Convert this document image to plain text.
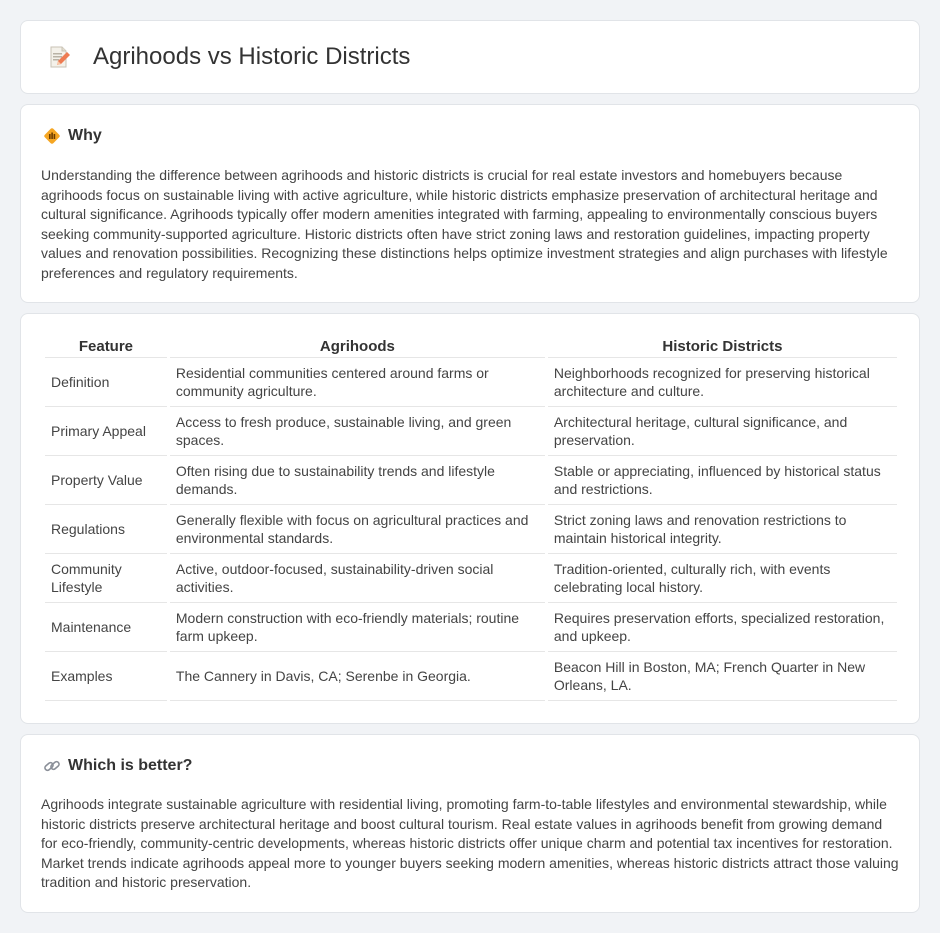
Agrihoods vs Historic Districts
Why

Understanding the difference between agrihoods and historic districts is crucial for real estate investors and homebuyers because agrihoods focus on sustainable living with active agriculture, while historic districts emphasize preservation of architectural heritage and cultural significance. Agrihoods typically offer modern amenities integrated with farming, appealing to environmentally conscious buyers seeking community-supported agriculture. Historic districts often have strict zoning laws and restoration guidelines, impacting property values and renovation possibilities. Recognizing these distinctions helps optimize investment strategies and align purchases with lifestyle preferences and regulatory requirements.

Feature	Agrihoods	Historic Districts
Definition	Residential communities centered around farms or community agriculture.	Neighborhoods recognized for preserving historical architecture and culture.
Primary Appeal	Access to fresh produce, sustainable living, and green spaces.	Architectural heritage, cultural significance, and preservation.
Property Value	Often rising due to sustainability trends and lifestyle demands.	Stable or appreciating, influenced by historical status and restrictions.
Regulations	Generally flexible with focus on agricultural practices and environmental standards.	Strict zoning laws and renovation restrictions to maintain historical integrity.
Community Lifestyle	Active, outdoor-focused, sustainability-driven social activities.	Tradition-oriented, culturally rich, with events celebrating local history.
Maintenance	Modern construction with eco-friendly materials; routine farm upkeep.	Requires preservation efforts, specialized restoration, and upkeep.
Examples	The Cannery in Davis, CA; Serenbe in Georgia.	Beacon Hill in Boston, MA; French Quarter in New Orleans, LA.
Which is better?

Agrihoods integrate sustainable agriculture with residential living, promoting farm-to-table lifestyles and environmental stewardship, while historic districts preserve architectural heritage and boost cultural tourism. Real estate values in agrihoods benefit from growing demand for eco-friendly, community-centric developments, whereas historic districts offer unique charm and potential tax incentives for restoration. Market trends indicate agrihoods appeal more to younger buyers seeking modern amenities, whereas historic districts attract those valuing tradition and historic preservation.
